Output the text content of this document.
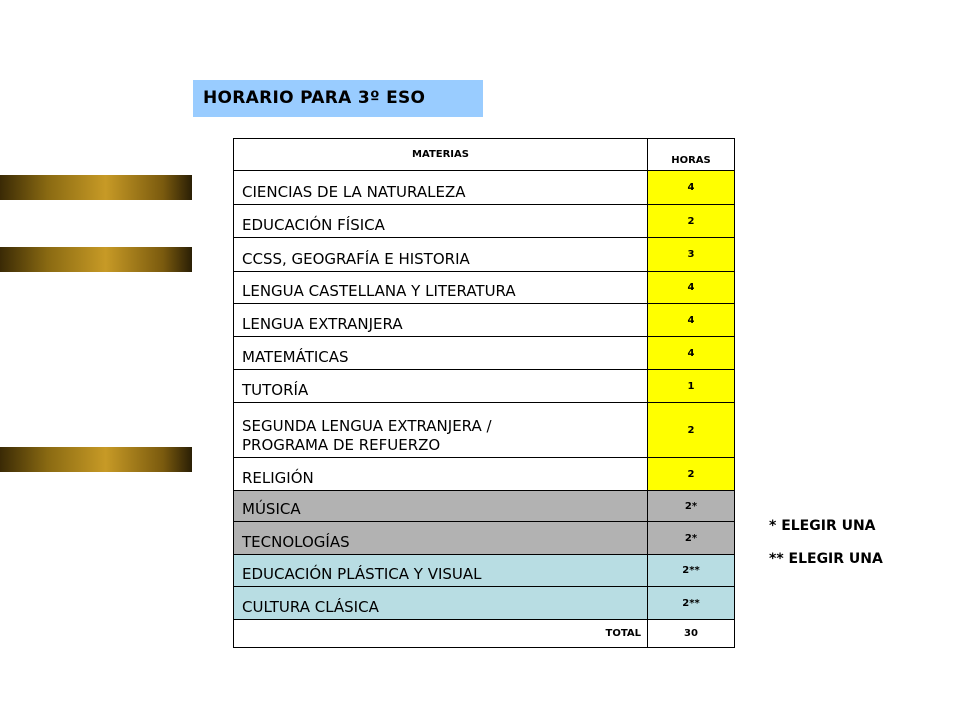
HORARIO PARA 3º ESO
MATERIAS	HORAS
CIENCIAS DE LA NATURALEZA	4
EDUCACIÓN FÍSICA	2
CCSS, GEOGRAFÍA E HISTORIA	3
LENGUA CASTELLANA Y LITERATURA	4
LENGUA EXTRANJERA	4
MATEMÁTICAS	4
TUTORÍA	1
SEGUNDA LENGUA EXTRANJERA / PROGRAMA DE REFUERZO	2
RELIGIÓN	2
MÚSICA	2*
TECNOLOGÍAS	2*
EDUCACIÓN PLÁSTICA Y VISUAL	2**
CULTURA CLÁSICA	2**
TOTAL	30
* ELEGIR UNA
** ELEGIR UNA
